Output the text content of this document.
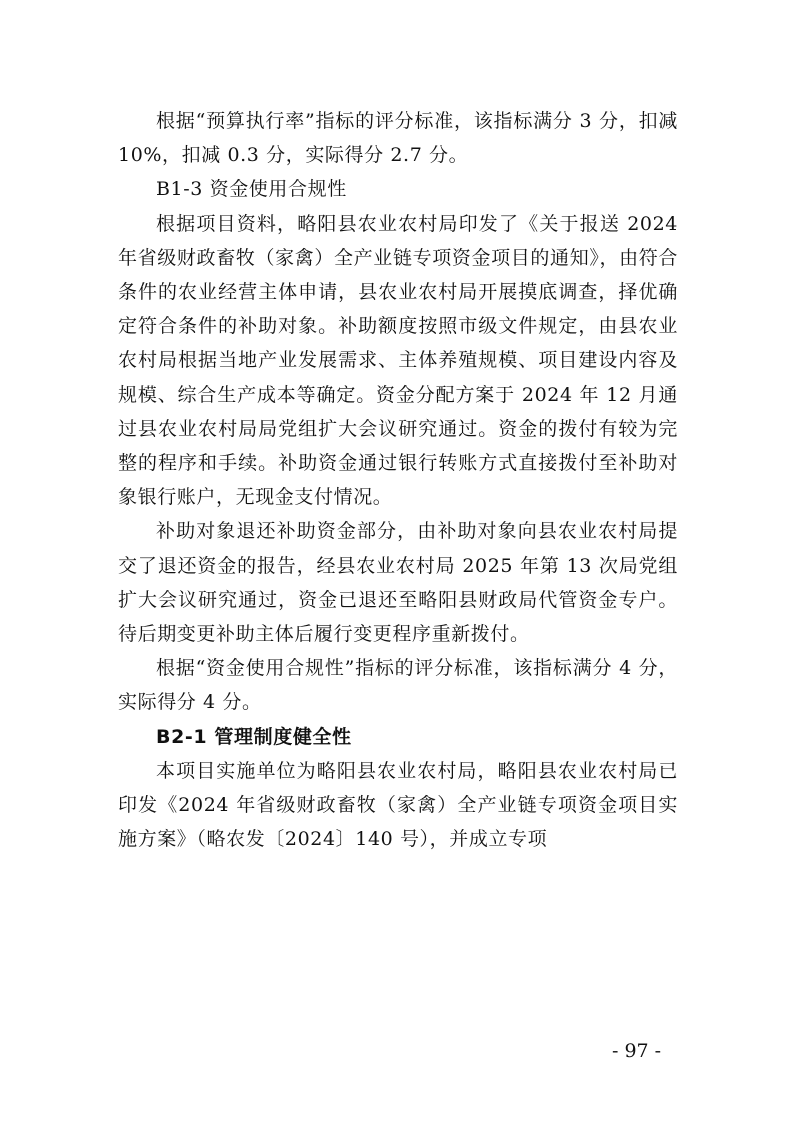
根据“预算执行率”指标的评分标准，该指标满分 3 分，扣减 10%，扣减 0.3 分，实际得分 2.7 分。

B1-3 资金使用合规性

根据项目资料，略阳县农业农村局印发了《关于报送 2024 年省级财政畜牧（家禽）全产业链专项资金项目的通知》，由符合条件的农业经营主体申请，县农业农村局开展摸底调查，择优确定符合条件的补助对象。补助额度按照市级文件规定，由县农业农村局根据当地产业发展需求、主体养殖规模、项目建设内容及规模、综合生产成本等确定。资金分配方案于 2024 年 12 月通过县农业农村局局党组扩大会议研究通过。资金的拨付有较为完整的程序和手续。补助资金通过银行转账方式直接拨付至补助对象银行账户，无现金支付情况。

补助对象退还补助资金部分，由补助对象向县农业农村局提交了退还资金的报告，经县农业农村局 2025 年第 13 次局党组扩大会议研究通过，资金已退还至略阳县财政局代管资金专户。待后期变更补助主体后履行变更程序重新拨付。

根据“资金使用合规性”指标的评分标准，该指标满分 4 分，实际得分 4 分。

B2-1 管理制度健全性

本项目实施单位为略阳县农业农村局，略阳县农业农村局已印发《2024 年省级财政畜牧（家禽）全产业链专项资金项目实施方案》（略农发〔2024〕140 号），并成立专项

- 97 -
